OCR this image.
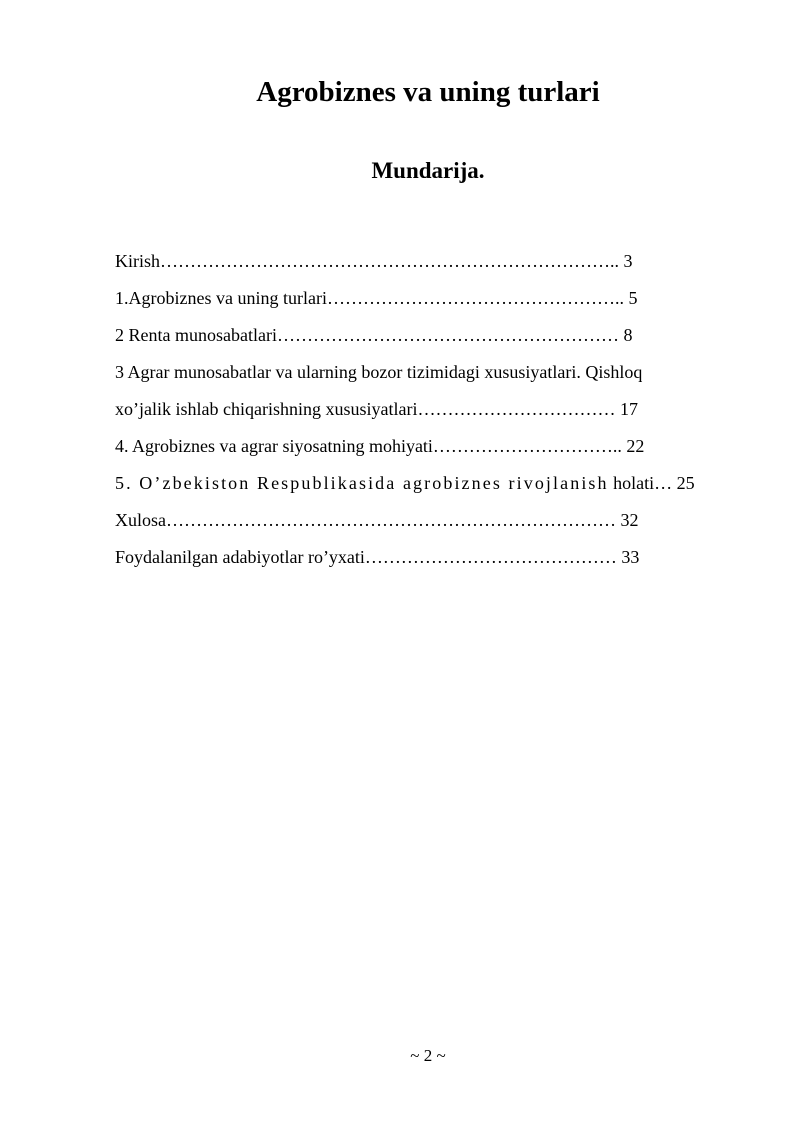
Agrobiznes va uning turlari
Mundarija.
Kirish………………………………………………………………….. 3
1.Agrobiznes va uning turlari………………………………………….. 5
2 Renta munosabatlari………………………………………………… 8
3 Agrar munosabatlar va ularning bozor tizimidagi xususiyatlari. Qishloq
xo’jalik ishlab chiqarishning xususiyatlari…………………………… 17
4. Agrobiznes va agrar siyosatning mohiyati………………………….. 22
5. O’zbekiston Respublikasida agrobiznes rivojlanish holati… 25
Xulosa………………………………………………………………… 32
Foydalanilgan adabiyotlar ro’yxati…………………………………… 33
~ 2 ~
